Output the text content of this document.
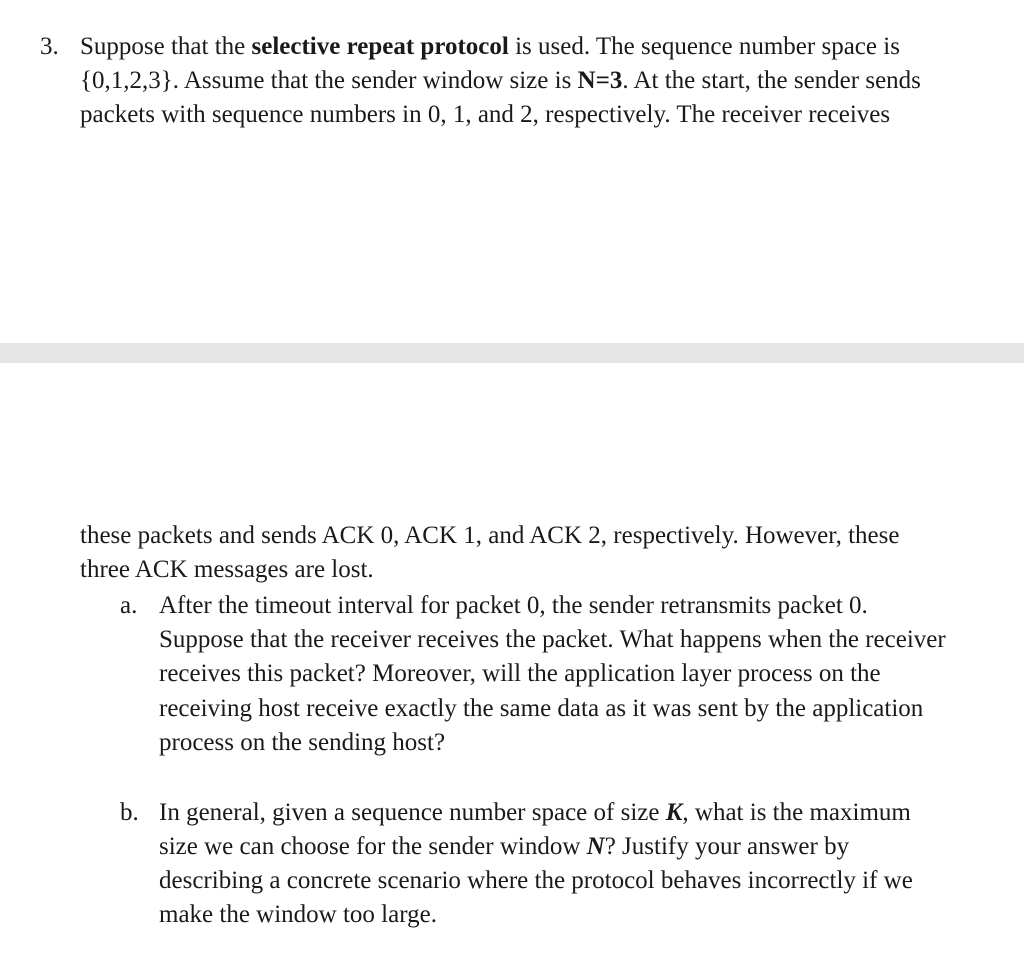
3. Suppose that the selective repeat protocol is used. The sequence number space is
{0,1,2,3}. Assume that the sender window size is N=3. At the start, the sender sends
packets with sequence numbers in 0, 1, and 2, respectively. The receiver receives
these packets and sends ACK 0, ACK 1, and ACK 2, respectively. However, these
three ACK messages are lost.
a. After the timeout interval for packet 0, the sender retransmits packet 0.
Suppose that the receiver receives the packet. What happens when the receiver
receives this packet? Moreover, will the application layer process on the
receiving host receive exactly the same data as it was sent by the application
process on the sending host?
b. In general, given a sequence number space of size K, what is the maximum
size we can choose for the sender window N? Justify your answer by
describing a concrete scenario where the protocol behaves incorrectly if we
make the window too large.
